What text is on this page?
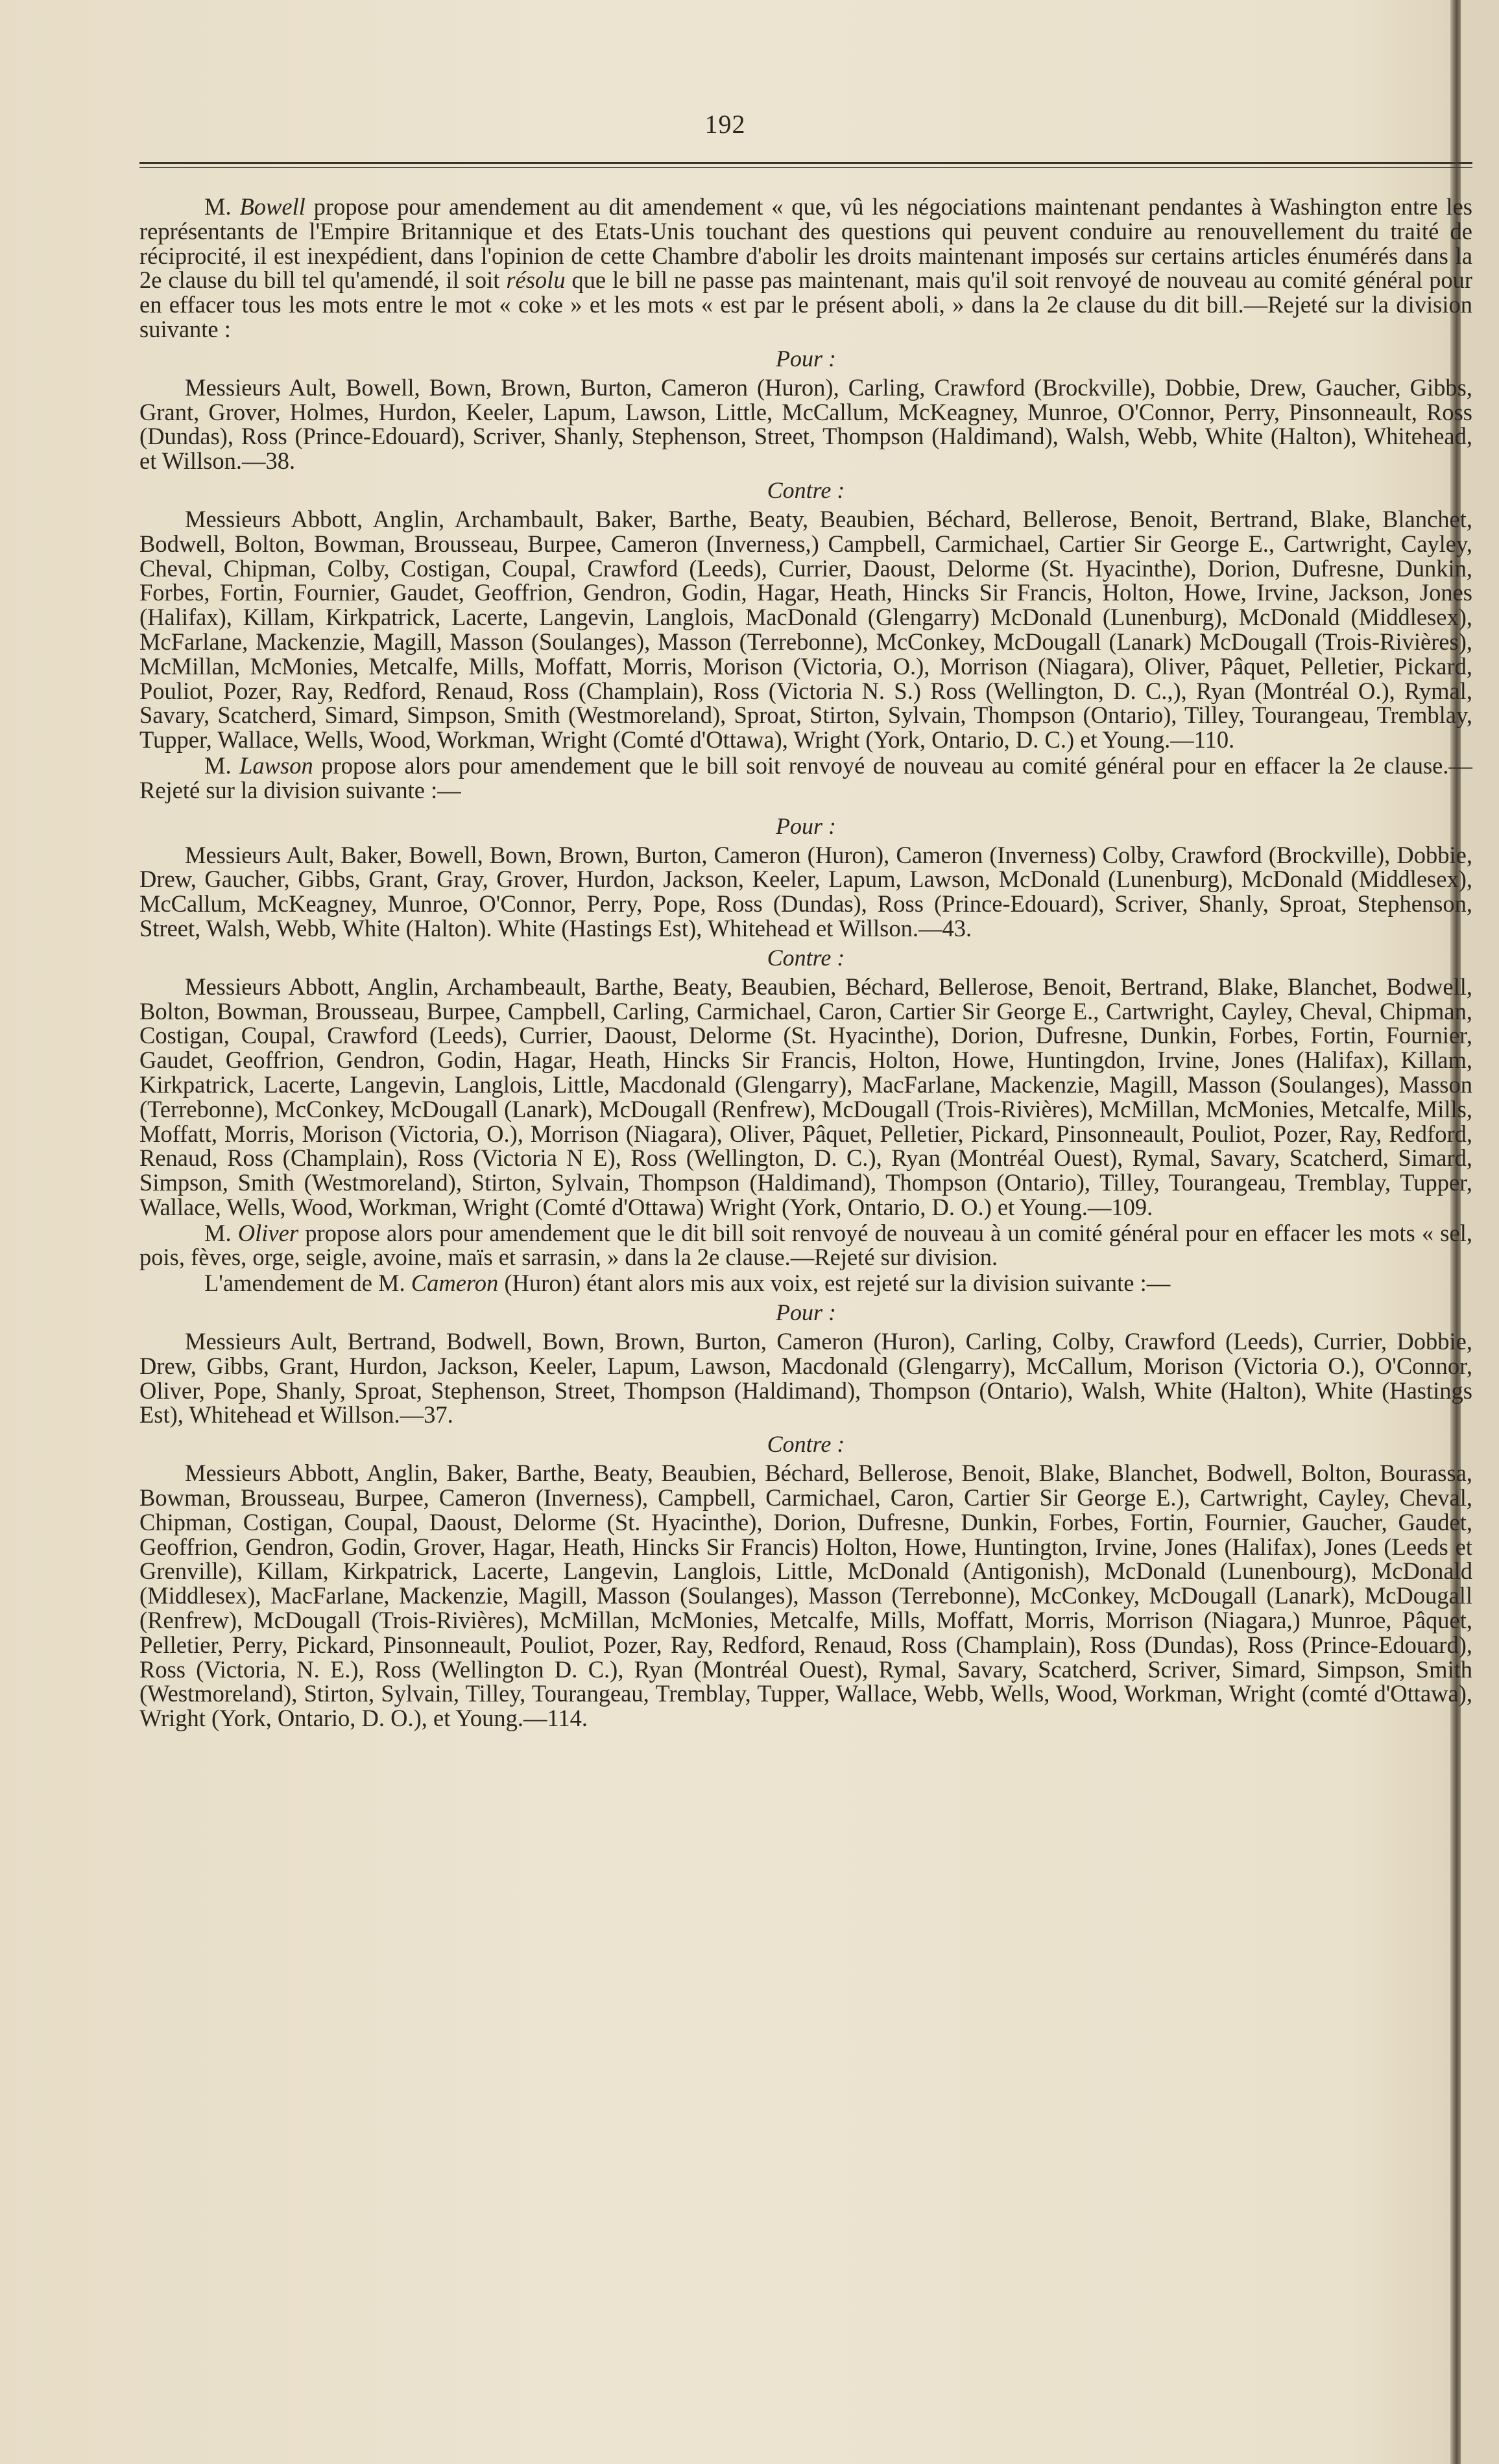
192

M. Bowell propose pour amendement au dit amendement « que, vû les négociations maintenant pendantes à Washington entre les représentants de l'Empire Britannique et des Etats-Unis touchant des questions qui peuvent conduire au renouvellement du traité de réciprocité, il est inexpédient, dans l'opinion de cette Chambre d'abolir les droits maintenant imposés sur certains articles énumérés dans la 2e clause du bill tel qu'amendé, il soit résolu que le bill ne passe pas maintenant, mais qu'il soit renvoyé de nouveau au comité général pour en effacer tous les mots entre le mot « coke » et les mots « est par le présent aboli, » dans la 2e clause du dit bill.—Rejeté sur la division suivante :

Pour :

Messieurs Ault, Bowell, Bown, Brown, Burton, Cameron (Huron), Carling, Crawford (Brockville), Dobbie, Drew, Gaucher, Gibbs, Grant, Grover, Holmes, Hurdon, Keeler, Lapum, Lawson, Little, McCallum, McKeagney, Munroe, O'Connor, Perry, Pinsonneault, Ross (Dundas), Ross (Prince-Edouard), Scriver, Shanly, Stephenson, Street, Thompson (Haldimand), Walsh, Webb, White (Halton), Whitehead, et Willson.—38.

Contre :

Messieurs Abbott, Anglin, Archambault, Baker, Barthe, Beaty, Beaubien, Béchard, Bellerose, Benoit, Bertrand, Blake, Blanchet, Bodwell, Bolton, Bowman, Brousseau, Burpee, Cameron (Inverness,) Campbell, Carmichael, Cartier Sir George E., Cartwright, Cayley, Cheval, Chipman, Colby, Costigan, Coupal, Crawford (Leeds), Currier, Daoust, Delorme (St. Hyacinthe), Dorion, Dufresne, Dunkin, Forbes, Fortin, Fournier, Gaudet, Geoffrion, Gendron, Godin, Hagar, Heath, Hincks Sir Francis, Holton, Howe, Irvine, Jackson, Jones (Halifax), Killam, Kirkpatrick, Lacerte, Langevin, Langlois, MacDonald (Glengarry) McDonald (Lunenburg), McDonald (Middlesex), McFarlane, Mackenzie, Magill, Masson (Soulanges), Masson (Terrebonne), McConkey, McDougall (Lanark) McDougall (Trois-Rivières), McMillan, McMonies, Metcalfe, Mills, Moffatt, Morris, Morison (Victoria, O.), Morrison (Niagara), Oliver, Pâquet, Pelletier, Pickard, Pouliot, Pozer, Ray, Redford, Renaud, Ross (Champlain), Ross (Victoria N. S.) Ross (Wellington, D. C.,), Ryan (Montréal O.), Rymal, Savary, Scatcherd, Simard, Simpson, Smith (Westmoreland), Sproat, Stirton, Sylvain, Thompson (Ontario), Tilley, Tourangeau, Tremblay, Tupper, Wallace, Wells, Wood, Workman, Wright (Comté d'Ottawa), Wright (York, Ontario, D. C.) et Young.—110.

M. Lawson propose alors pour amendement que le bill soit renvoyé de nouveau au comité général pour en effacer la 2e clause.—Rejeté sur la division suivante :—

Pour :

Messieurs Ault, Baker, Bowell, Bown, Brown, Burton, Cameron (Huron), Cameron (Inverness) Colby, Crawford (Brockville), Dobbie, Drew, Gaucher, Gibbs, Grant, Gray, Grover, Hurdon, Jackson, Keeler, Lapum, Lawson, McDonald (Lunenburg), McDonald (Middlesex), McCallum, McKeagney, Munroe, O'Connor, Perry, Pope, Ross (Dundas), Ross (Prince-Edouard), Scriver, Shanly, Sproat, Stephenson, Street, Walsh, Webb, White (Halton). White (Hastings Est), Whitehead et Willson.—43.

Contre :

Messieurs Abbott, Anglin, Archambeault, Barthe, Beaty, Beaubien, Béchard, Bellerose, Benoit, Bertrand, Blake, Blanchet, Bodwell, Bolton, Bowman, Brousseau, Burpee, Campbell, Carling, Carmichael, Caron, Cartier Sir George E., Cartwright, Cayley, Cheval, Chipman, Costigan, Coupal, Crawford (Leeds), Currier, Daoust, Delorme (St. Hyacinthe), Dorion, Dufresne, Dunkin, Forbes, Fortin, Fournier, Gaudet, Geoffrion, Gendron, Godin, Hagar, Heath, Hincks Sir Francis, Holton, Howe, Huntingdon, Irvine, Jones (Halifax), Killam, Kirkpatrick, Lacerte, Langevin, Langlois, Little, Macdonald (Glengarry), MacFarlane, Mackenzie, Magill, Masson (Soulanges), Masson (Terrebonne), McConkey, McDougall (Lanark), McDougall (Renfrew), McDougall (Trois-Rivières), McMillan, McMonies, Metcalfe, Mills, Moffatt, Morris, Morison (Victoria, O.), Morrison (Niagara), Oliver, Pâquet, Pelletier, Pickard, Pinsonneault, Pouliot, Pozer, Ray, Redford, Renaud, Ross (Champlain), Ross (Victoria N E), Ross (Wellington, D. C.), Ryan (Montréal Ouest), Rymal, Savary, Scatcherd, Simard, Simpson, Smith (Westmoreland), Stirton, Sylvain, Thompson (Haldimand), Thompson (Ontario), Tilley, Tourangeau, Tremblay, Tupper, Wallace, Wells, Wood, Workman, Wright (Comté d'Ottawa) Wright (York, Ontario, D. O.) et Young.—109.

M. Oliver propose alors pour amendement que le dit bill soit renvoyé de nouveau à un comité général pour en effacer les mots « sel, pois, fèves, orge, seigle, avoine, maïs et sarrasin, » dans la 2e clause.—Rejeté sur division.

L'amendement de M. Cameron (Huron) étant alors mis aux voix, est rejeté sur la division suivante :—

Pour :

Messieurs Ault, Bertrand, Bodwell, Bown, Brown, Burton, Cameron (Huron), Carling, Colby, Crawford (Leeds), Currier, Dobbie, Drew, Gibbs, Grant, Hurdon, Jackson, Keeler, Lapum, Lawson, Macdonald (Glengarry), McCallum, Morison (Victoria O.), O'Connor, Oliver, Pope, Shanly, Sproat, Stephenson, Street, Thompson (Haldimand), Thompson (Ontario), Walsh, White (Halton), White (Hastings Est), Whitehead et Willson.—37.

Contre :

Messieurs Abbott, Anglin, Baker, Barthe, Beaty, Beaubien, Béchard, Bellerose, Benoit, Blake, Blanchet, Bodwell, Bolton, Bourassa, Bowman, Brousseau, Burpee, Cameron (Inverness), Campbell, Carmichael, Caron, Cartier Sir George E.), Cartwright, Cayley, Cheval, Chipman, Costigan, Coupal, Daoust, Delorme (St. Hyacinthe), Dorion, Dufresne, Dunkin, Forbes, Fortin, Fournier, Gaucher, Gaudet, Geoffrion, Gendron, Godin, Grover, Hagar, Heath, Hincks Sir Francis) Holton, Howe, Huntington, Irvine, Jones (Halifax), Jones (Leeds et Grenville), Killam, Kirkpatrick, Lacerte, Langevin, Langlois, Little, McDonald (Antigonish), McDonald (Lunenbourg), McDonald (Middlesex), MacFarlane, Mackenzie, Magill, Masson (Soulanges), Masson (Terrebonne), McConkey, McDougall (Lanark), McDougall (Renfrew), McDougall (Trois-Rivières), McMillan, McMonies, Metcalfe, Mills, Moffatt, Morris, Morrison (Niagara,) Munroe, Pâquet, Pelletier, Perry, Pickard, Pinsonneault, Pouliot, Pozer, Ray, Redford, Renaud, Ross (Champlain), Ross (Dundas), Ross (Prince-Edouard), Ross (Victoria, N. E.), Ross (Wellington D. C.), Ryan (Montréal Ouest), Rymal, Savary, Scatcherd, Scriver, Simard, Simpson, Smith (Westmoreland), Stirton, Sylvain, Tilley, Tourangeau, Tremblay, Tupper, Wallace, Webb, Wells, Wood, Workman, Wright (comté d'Ottawa), Wright (York, Ontario, D. O.), et Young.—114.
